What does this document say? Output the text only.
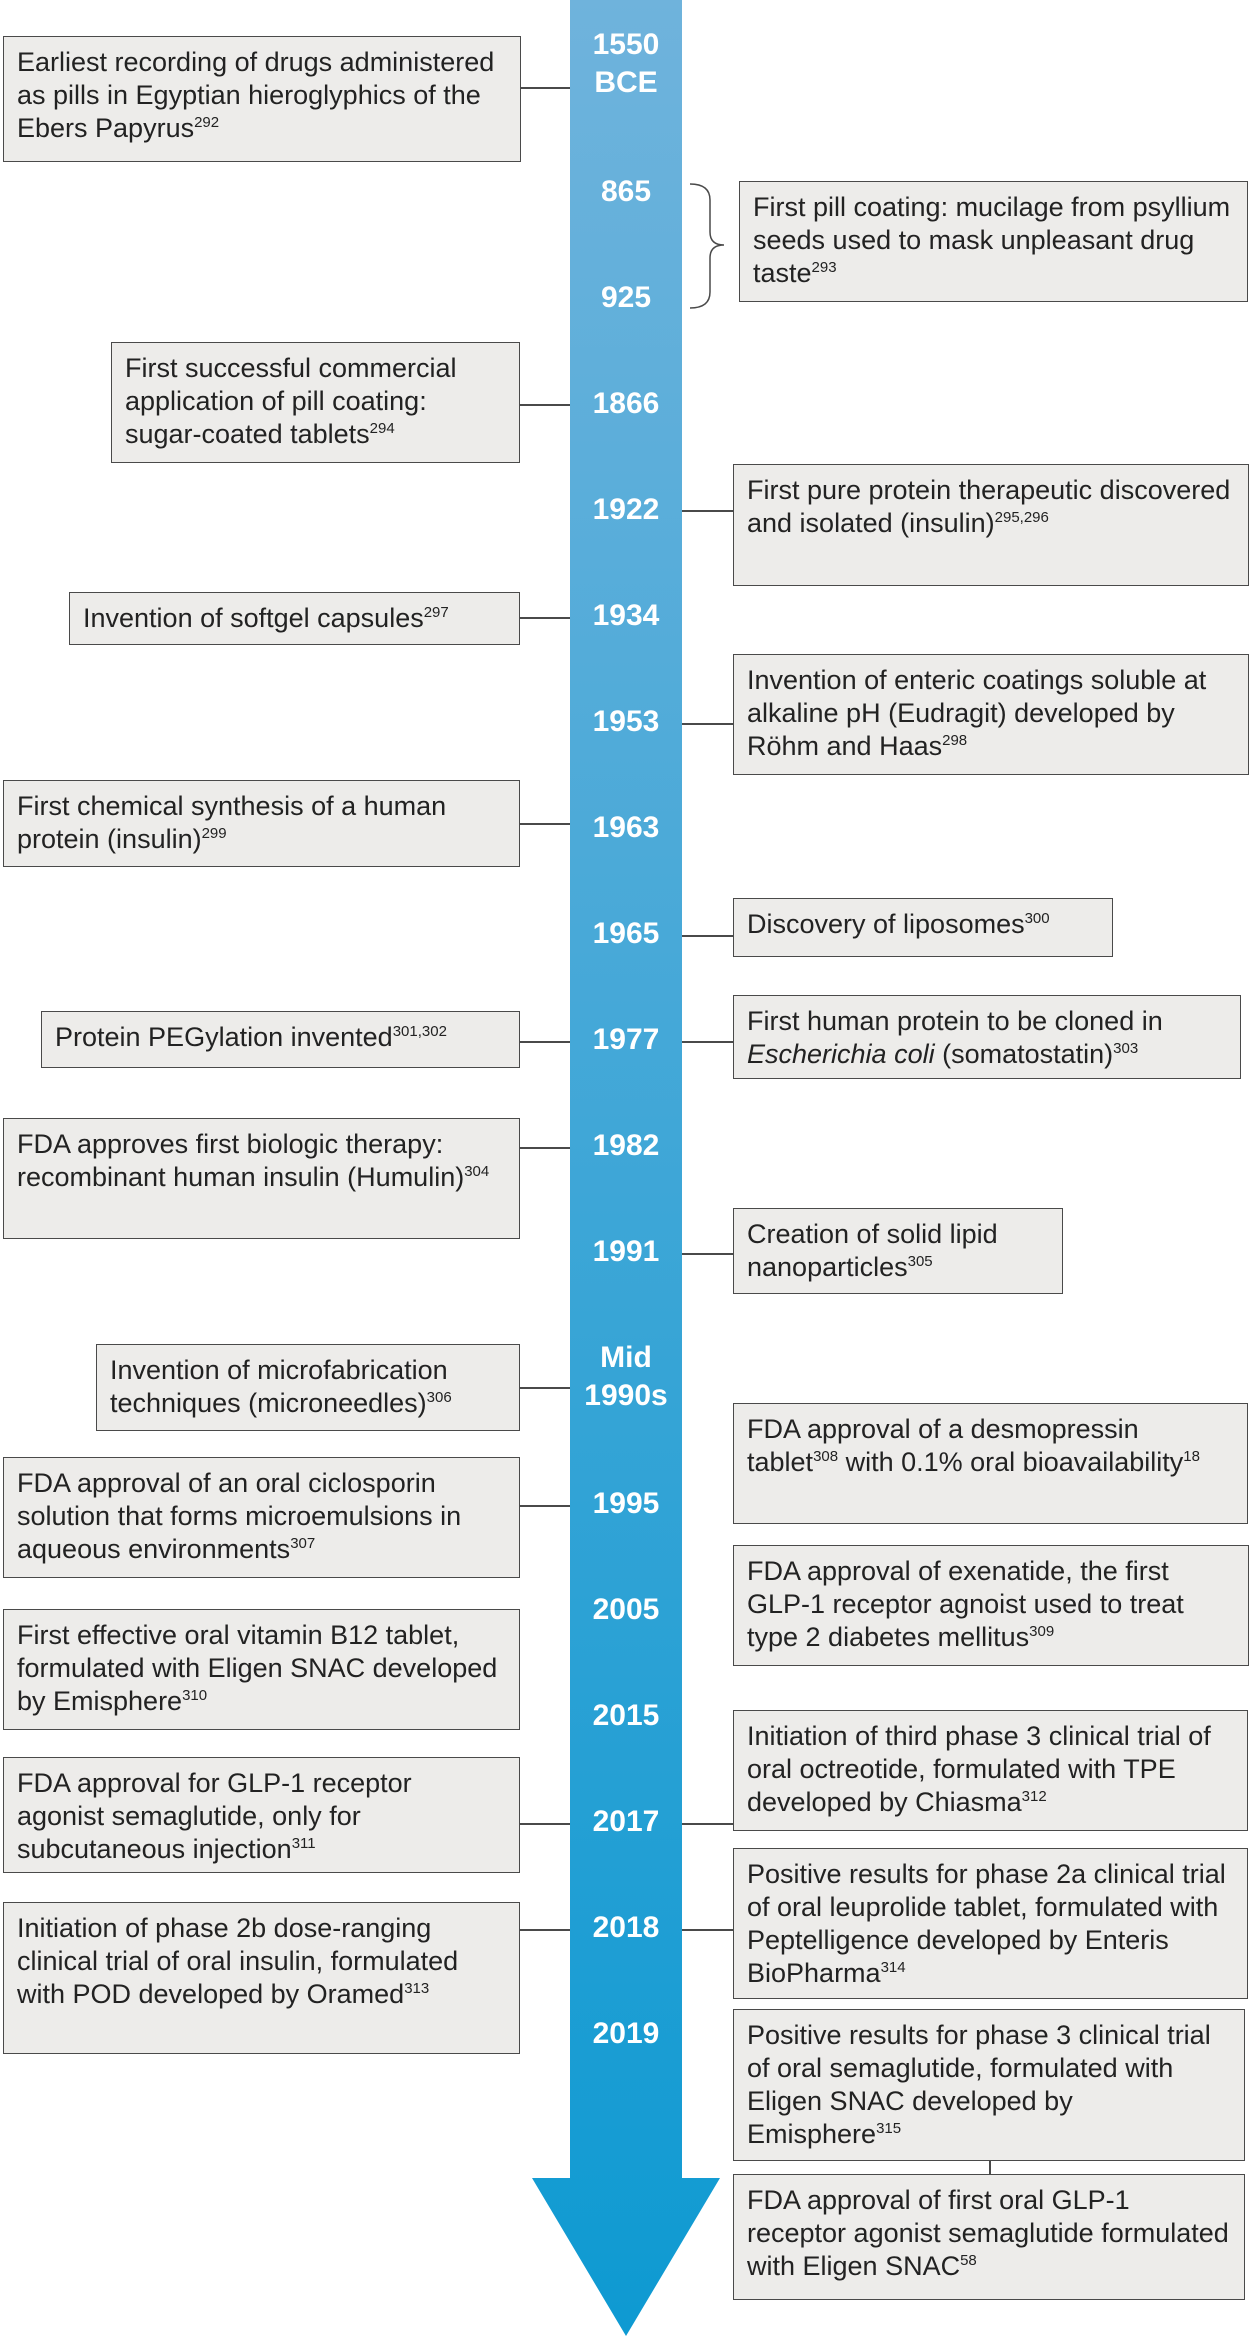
1550
BCE
Earliest recording of drugs administered as pills in Egyptian hieroglyphics of the Ebers Papyrus$^{292}$
865
925
First pill coating: mucilage from psyllium seeds used to mask unpleasant drug taste$^{293}$
1866
First successful commercial application of pill coating: sugar-coated tablets$^{294}$
1922
First pure protein therapeutic discovered and isolated (insulin)$^{295,296}$
1934
Invention of softgel capsules$^{297}$
1953
Invention of enteric coatings soluble at alkaline pH (Eudragit) developed by Röhm and Haas$^{298}$
1963
First chemical synthesis of a human protein (insulin)$^{299}$
1965	Discovery of liposomes$^{300}$
1977
Protein PEGylation invented$^{301,302}$	First human protein to be cloned in Escherichia coli (somatostatin)$^{303}$
1982
FDA approves first biologic therapy: recombinant human insulin (Humulin)$^{304}$
1991
Creation of solid lipid nanoparticles$^{305}$
Mid
1990s
Invention of microfabrication techniques (microneedles)$^{306}$
FDA approval of a desmopressin tablet$^{308}$ with 0.1% oral bioavailability$^{18}$
1995
FDA approval of an oral ciclosporin solution that forms microemulsions in aqueous environments$^{307}$
2005
FDA approval of exenatide, the first GLP-1 receptor agnoist used to treat type 2 diabetes mellitus$^{309}$
2015
First effective oral vitamin B12 tablet, formulated with Eligen SNAC developed by Emisphere$^{310}$
2017
Initiation of third phase 3 clinical trial of oral octreotide, formulated with TPE developed by Chiasma$^{312}$
FDA approval for GLP-1 receptor agonist semaglutide, only for subcutaneous injection$^{311}$
2018
Initiation of phase 2b dose-ranging clinical trial of oral insulin, formulated with POD developed by Oramed$^{313}$
Positive results for phase 2a clinical trial of oral leuprolide tablet, formulated with Peptelligence developed by Enteris BioPharma$^{314}$
2019	Positive results for phase 3 clinical trial of oral semaglutide, formulated with Eligen SNAC developed by Emisphere$^{315}$
FDA approval of first oral GLP-1 receptor agonist semaglutide formulated with Eligen SNAC$^{58}$
